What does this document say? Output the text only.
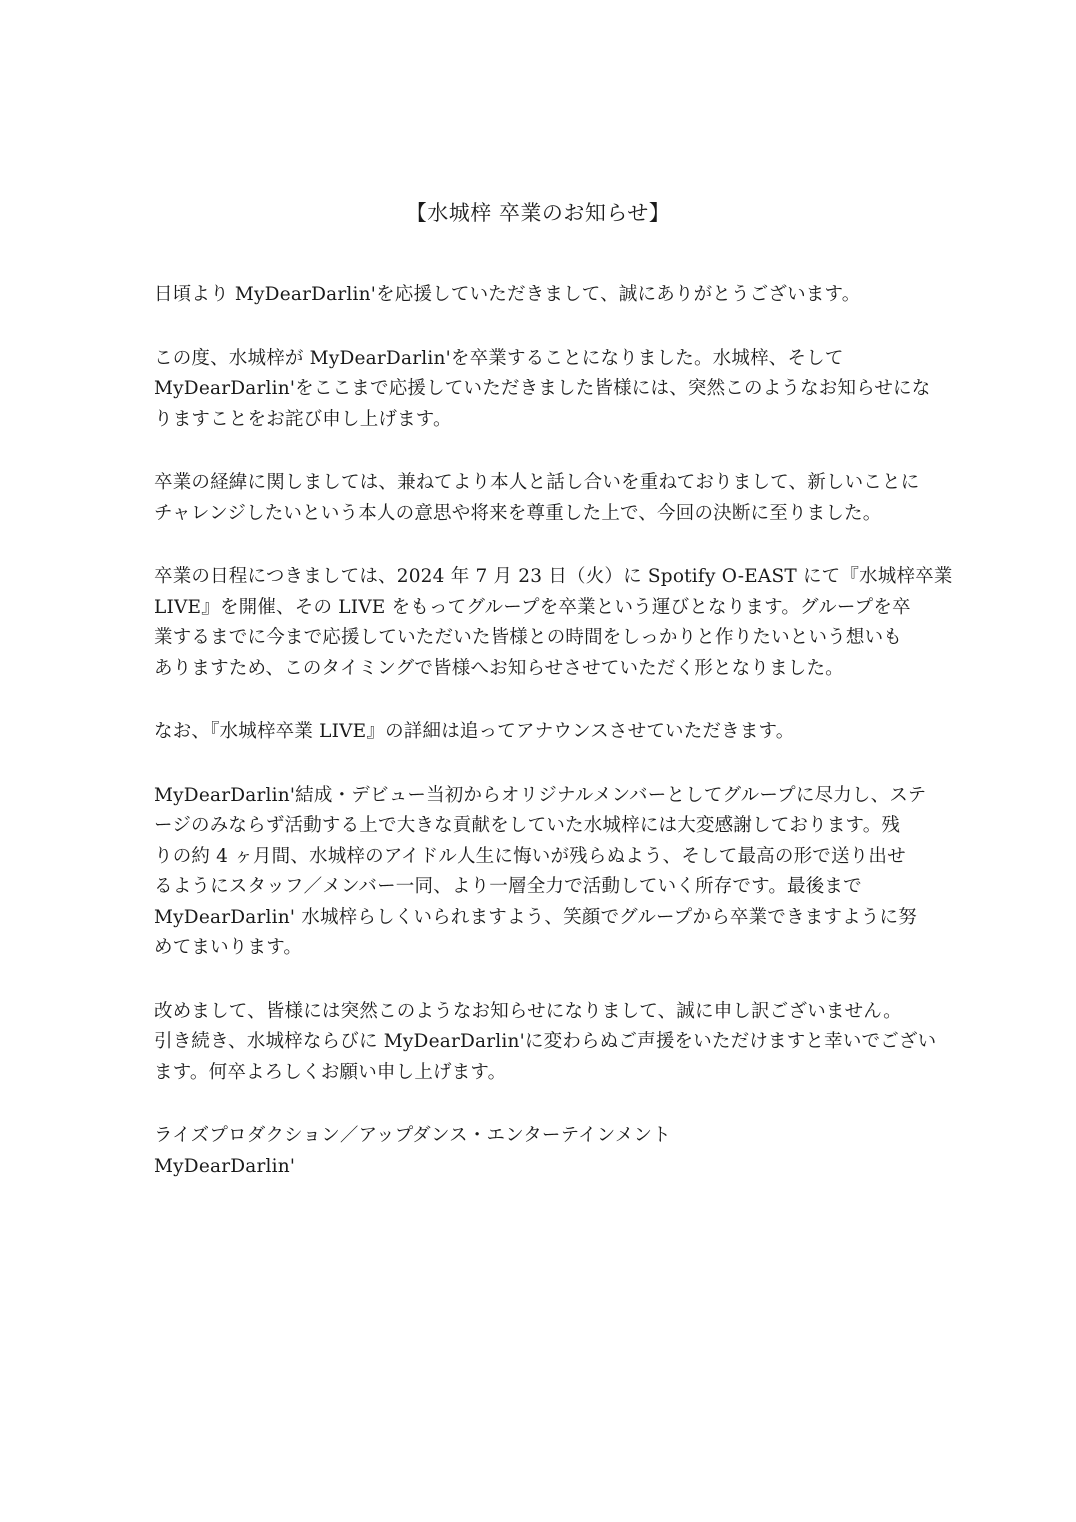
【水城梓 卒業のお知らせ】
日頃より MyDearDarlin'を応援していただきまして、誠にありがとうございます。
この度、水城梓が MyDearDarlin'を卒業することになりました。水城梓、そして
MyDearDarlin'をここまで応援していただきました皆様には、突然このようなお知らせにな
りますことをお詫び申し上げます。
卒業の経緯に関しましては、兼ねてより本人と話し合いを重ねておりまして、新しいことに
チャレンジしたいという本人の意思や将来を尊重した上で、今回の決断に至りました。
卒業の日程につきましては、2024 年 7 月 23 日（火）に Spotify O-EAST にて『水城梓卒業
LIVE』を開催、その LIVE をもってグループを卒業という運びとなります。グループを卒
業するまでに今まで応援していただいた皆様との時間をしっかりと作りたいという想いも
ありますため、このタイミングで皆様へお知らせさせていただく形となりました。
なお、『水城梓卒業 LIVE』の詳細は追ってアナウンスさせていただきます。
MyDearDarlin'結成・デビュー当初からオリジナルメンバーとしてグループに尽力し、ステ
ージのみならず活動する上で大きな貢献をしていた水城梓には大変感謝しております。残
りの約 4 ヶ月間、水城梓のアイドル人生に悔いが残らぬよう、そして最高の形で送り出せ
るようにスタッフ／メンバー一同、より一層全力で活動していく所存です。最後まで
MyDearDarlin' 水城梓らしくいられますよう、笑顔でグループから卒業できますように努
めてまいります。
改めまして、皆様には突然このようなお知らせになりまして、誠に申し訳ございません。
引き続き、水城梓ならびに MyDearDarlin'に変わらぬご声援をいただけますと幸いでござい
ます。何卒よろしくお願い申し上げます。
ライズプロダクション／アップダンス・エンターテインメント
MyDearDarlin'
